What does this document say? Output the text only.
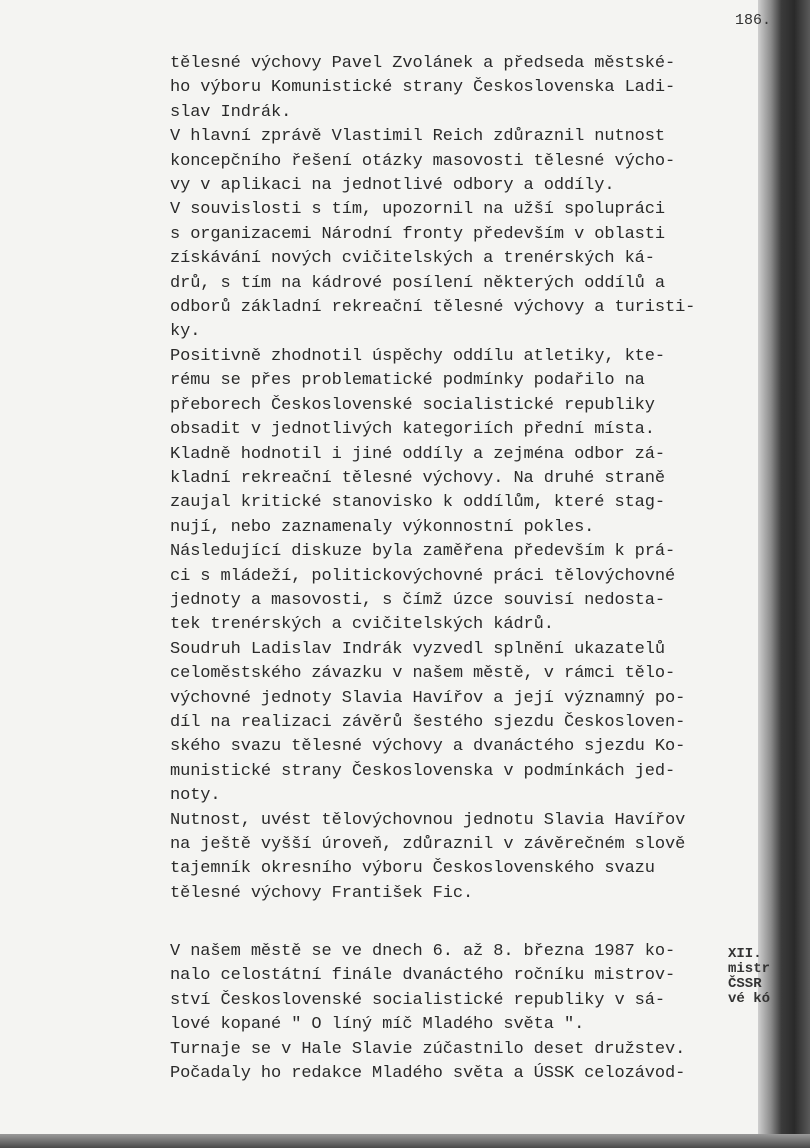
186.
tělesné výchovy Pavel Zvolánek a předseda městské-
ho výboru Komunistické strany Československa Ladi-
slav Indrák.
V hlavní zprávě Vlastimil Reich zdůraznil nutnost
koncepčního řešení otázky masovosti tělesné výcho-
vy v aplikaci na jednotlivé odbory a oddíly.
V souvislosti s tím, upozornil na užší spolupráci
s organizacemi Národní fronty především v oblasti
získávání nových cvičitelských a trenérských ká-
drů, s tím na kádrové posílení některých oddílů a
odborů základní rekreační tělesné výchovy a turisti-
ky.
Positivně zhodnotil úspěchy oddílu atletiky, kte-
rému se přes problematické podmínky podařilo na
přeborech Československé socialistické republiky
obsadit v jednotlivých kategoriích přední místa.
Kladně hodnotil i jiné oddíly a zejména odbor zá-
kladní rekreační tělesné výchovy. Na druhé straně
zaujal kritické stanovisko k oddílům, které stag-
nují, nebo zaznamenaly výkonnostní pokles.
Následující diskuze byla zaměřena především k prá-
ci s mládeží, politickovýchovné práci tělovýchovné
jednoty a masovosti, s čímž úzce souvisí nedosta-
tek trenérských a cvičitelských kádrů.
Soudruh Ladislav Indrák vyzvedl splnění ukazatelů
celoměstského závazku v našem městě, v rámci tělo-
výchovné jednoty Slavia Havířov a její významný po-
díl na realizaci závěrů šestého sjezdu Českosloven-
ského svazu tělesné výchovy a dvanáctého sjezdu Ko-
munistické strany Československa v podmínkách jed-
noty.
Nutnost, uvést tělovýchovnou jednotu Slavia Havířov
na ještě vyšší úroveň, zdůraznil v závěrečném slově
tajemník okresního výboru Československého svazu
tělesné výchovy František Fic.
V našem městě se ve dnech 6. až 8. března 1987 ko-
nalo celostátní finále dvanáctého ročníku mistrov-
ství Československé socialistické republiky v sá-
lové kopané " O líný míč Mladého světa ".
Turnaje se v Hale Slavie zúčastnilo deset družstev.
Počadaly ho redakce Mladého světa a ÚSSK celozávod-
XII.
mistr
ČSSR
vé kó
